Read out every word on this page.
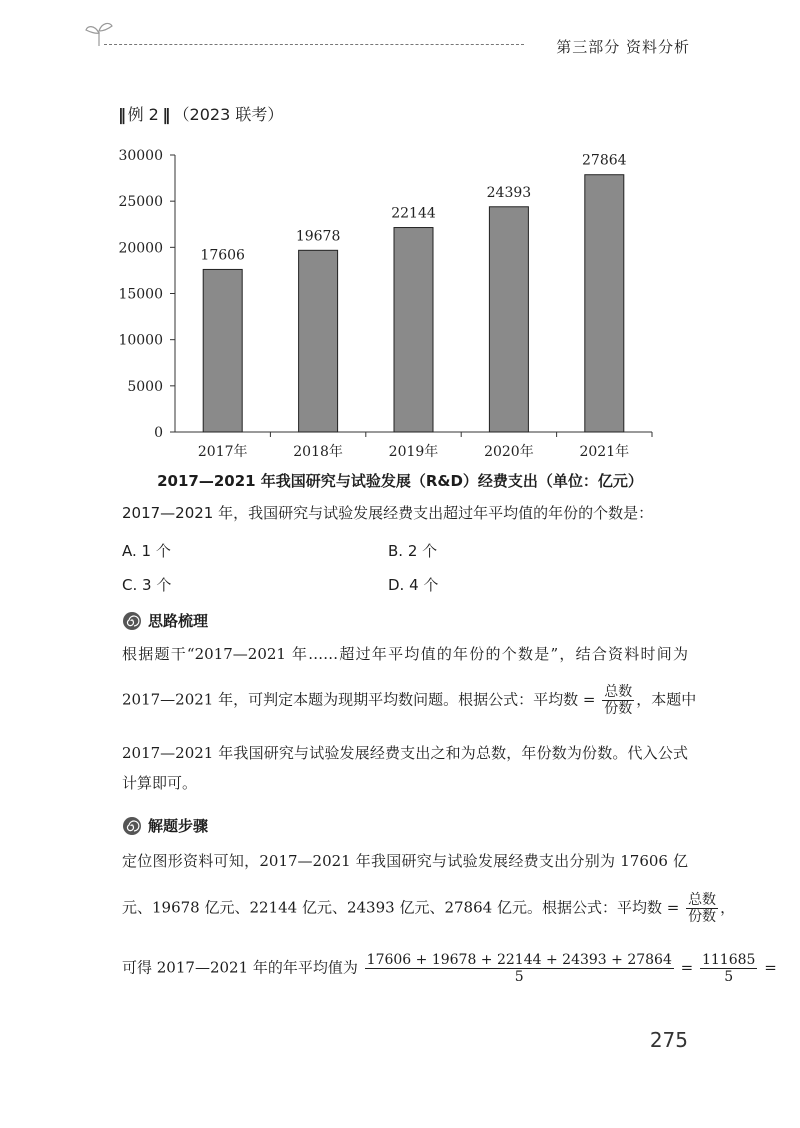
第三部分 资料分析
‖ 例 2 ‖ （2023 联考）
0
5000
10000
15000
20000
25000
30000
17606
2017年
19678
2018年
22144
2019年
24393
2020年
27864
2021年
2017—2021 年我国研究与试验发展（R&D）经费支出（单位：亿元）
2017—2021 年，我国研究与试验发展经费支出超过年平均值的年份的个数是：
A. 1 个	B. 2 个
C. 3 个	D. 4 个
思路梳理
根据题干“2017—2021 年……超过年平均值的年份的个数是”，结合资料时间为
2017—2021 年，可判定本题为现期平均数问题。根据公式：平均数 = $\frac{\text{总数}}{\text{份数}}$ ，本题中
2017—2021 年我国研究与试验发展经费支出之和为总数，年份数为份数。代入公式
计算即可。
解题步骤
定位图形资料可知，2017—2021 年我国研究与试验发展经费支出分别为 17606 亿
元、19678 亿元、22144 亿元、24393 亿元、27864 亿元。根据公式：平均数 = $\frac{\text{总数}}{\text{份数}}$ ，
可得 2017—2021 年的年平均值为 $\frac{17606 + 19678 + 22144 + 24393 + 27864}{5} = \frac{111685}{5}$ =
275
